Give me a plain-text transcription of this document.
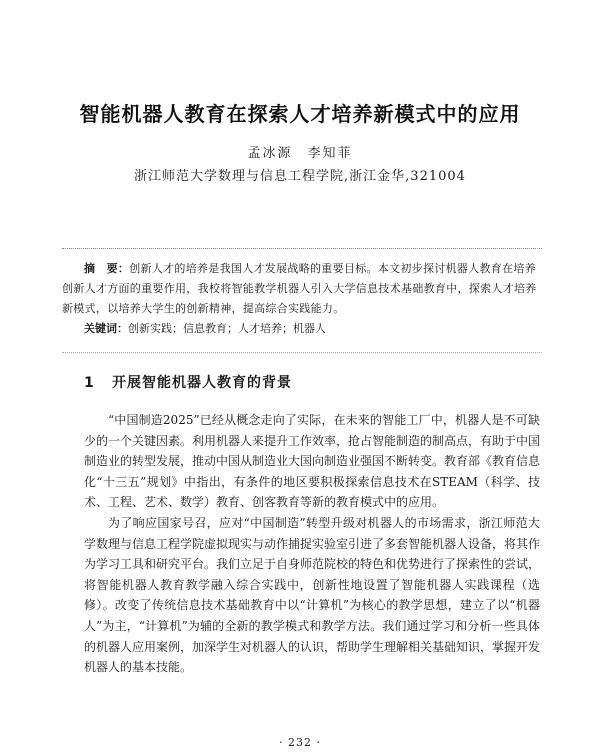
智能机器人教育在探索人才培养新模式中的应用
孟冰源　李知菲
浙江师范大学数理与信息工程学院,浙江金华,321004

摘　要：创新人才的培养是我国人才发展战略的重要目标。本文初步探讨机器人教育在培养创新人才方面的重要作用，我校将智能教学机器人引入大学信息技术基础教育中，探索人才培养新模式，以培养大学生的创新精神，提高综合实践能力。

关键词：创新实践；信息教育；人才培养；机器人

1 开展智能机器人教育的背景

“中国制造2025”已经从概念走向了实际，在未来的智能工厂中，机器人是不可缺少的一个关键因素。利用机器人来提升工作效率，抢占智能制造的制高点，有助于中国制造业的转型发展，推动中国从制造业大国向制造业强国不断转变。教育部《教育信息化“十三五”规划》中指出，有条件的地区要积极探索信息技术在STEAM（科学、技术、工程、艺术、数学）教育、创客教育等新的教育模式中的应用。

为了响应国家号召，应对“中国制造”转型升级对机器人的市场需求，浙江师范大学数理与信息工程学院虚拟现实与动作捕捉实验室引进了多套智能机器人设备，将其作为学习工具和研究平台。我们立足于自身师范院校的特色和优势进行了探索性的尝试，将智能机器人教育教学融入综合实践中，创新性地设置了智能机器人实践课程（选修）。改变了传统信息技术基础教育中以“计算机”为核心的教学思想，建立了以“机器人”为主，“计算机”为辅的全新的教学模式和教学方法。我们通过学习和分析一些具体的机器人应用案例，加深学生对机器人的认识，帮助学生理解相关基础知识，掌握开发机器人的基本技能。

· 232 ·
